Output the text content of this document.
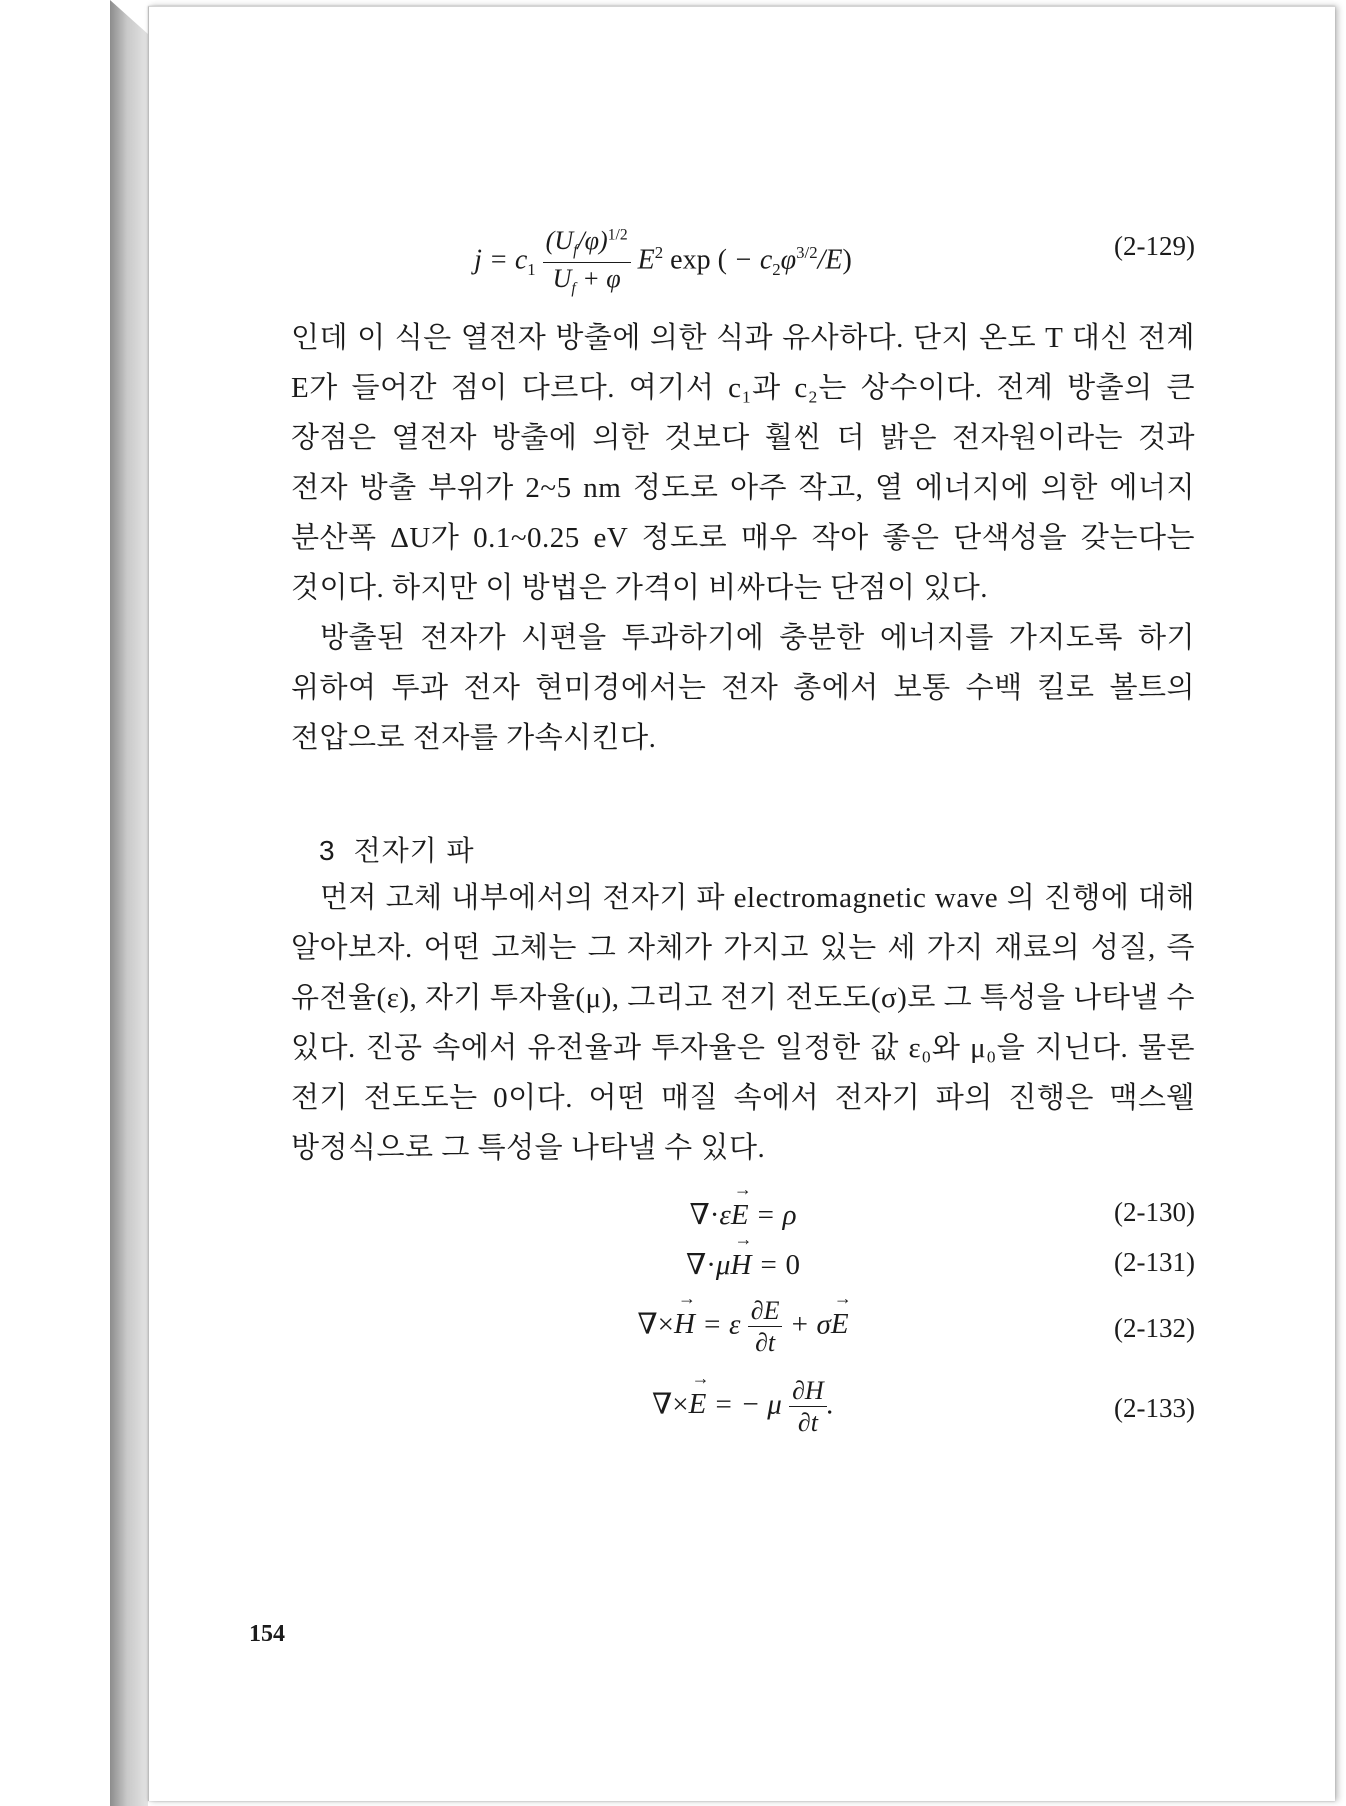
$j = c_1 \frac{(U_f/\varphi)^{1/2}}{U_f + \varphi} E^2$ exp ( − $c_2\varphi^{3/2}/E$)	(2-129)

인데 이 식은 열전자 방출에 의한 식과 유사하다. 단지 온도 T 대신 전계 E가 들어간 점이 다르다. 여기서 c₁과 c₂는 상수이다. 전계 방출의 큰 장점은 열전자 방출에 의한 것보다 훨씬 더 밝은 전자원이라는 것과 전자 방출 부위가 2~5 nm 정도로 아주 작고, 열 에너지에 의한 에너지 분산폭 ΔU가 0.1~0.25 eV 정도로 매우 작아 좋은 단색성을 갖는다는 것이다. 하지만 이 방법은 가격이 비싸다는 단점이 있다.

방출된 전자가 시편을 투과하기에 충분한 에너지를 가지도록 하기 위하여 투과 전자 현미경에서는 전자 총에서 보통 수백 킬로 볼트의 전압으로 전자를 가속시킨다.

3 전자기 파

먼저 고체 내부에서의 전자기 파 electromagnetic wave 의 진행에 대해 알아보자. 어떤 고체는 그 자체가 가지고 있는 세 가지 재료의 성질, 즉 유전율(ε), 자기 투자율(μ), 그리고 전기 전도도(σ)로 그 특성을 나타낼 수 있다. 진공 속에서 유전율과 투자율은 일정한 값 ε₀와 μ₀을 지닌다. 물론 전기 전도도는 0이다. 어떤 매질 속에서 전자기 파의 진행은 맥스웰 방정식으로 그 특성을 나타낼 수 있다.

∇·εE
→
= ρ	(2-130)
∇·μH
→
= 0	(2-131)
∇×H
→
= ε $\frac{\partial E}{\partial t} + \sigma E$
→
(2-132)
∇×E
→
= − μ $\frac{\partial H}{\partial t}$ .	(2-133)
154
